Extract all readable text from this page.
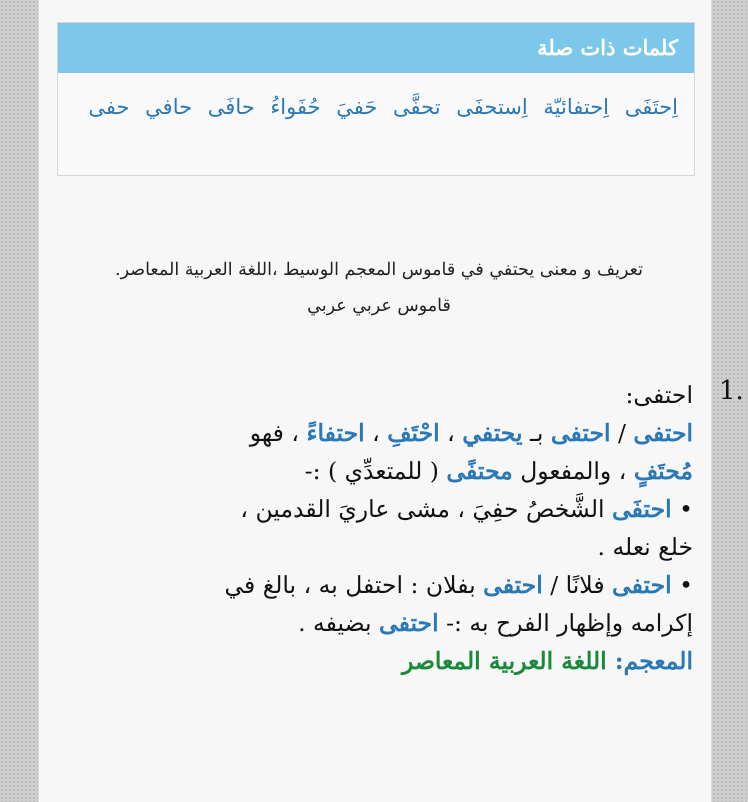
كلمات ذات صلة
اِحتَفَى اِحتفائيّة اِستحفَى تحفَّى حَفيَ حُفَواءُ حافَى حافي حفى
تعريف و معنى يحتفي في قاموس المعجم الوسيط ،اللغة العربية المعاصر.
قاموس عربي عربي
1.

احتفى:

احتفى / احتفى بـ يحتفي ، احْتَفِ ، احتفاءً ، فهو

مُحتَفٍ ، والمفعول محتفًى ( للمتعدِّي ) :-

• احتفَى الشَّخصُ حفِيَ ، مشى عاريَ القدمين ،

خلع نعله .

• احتفى فلانًا / احتفى بفلان : احتفل به ، بالغ في

إكرامه وإظهار الفرح به :- احتفى بضيفه .

المعجم: اللغة العربية المعاصر
